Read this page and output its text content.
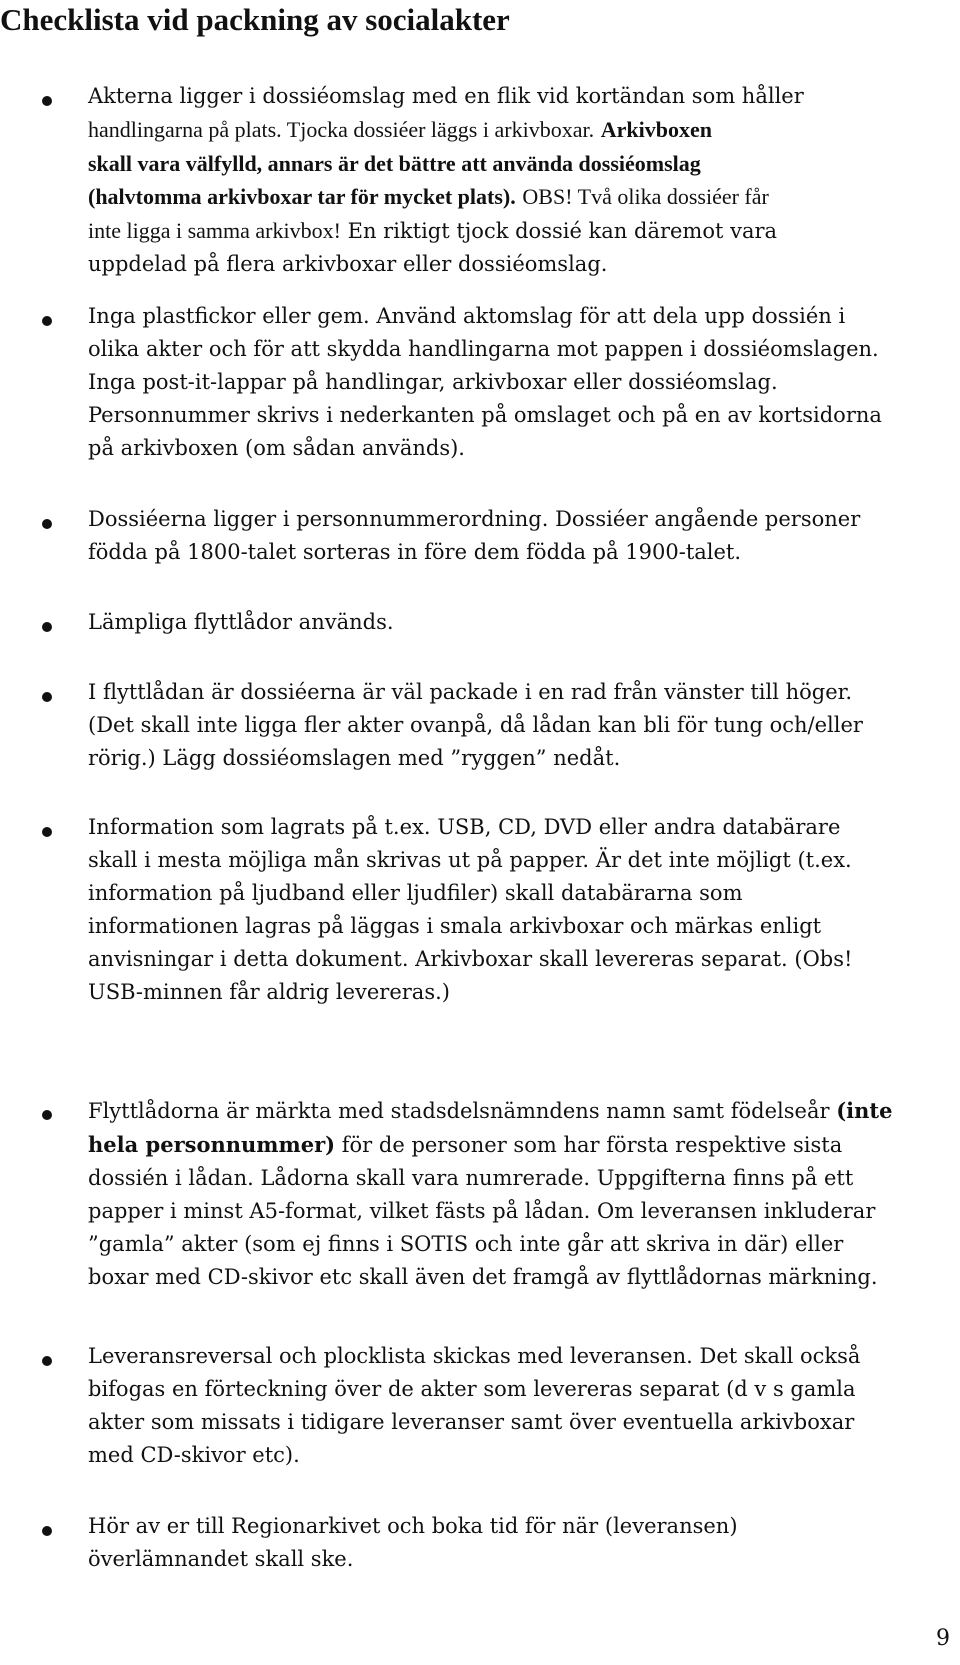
Checklista vid packning av socialakter
Akterna ligger i dossiéomslag med en flik vid kortändan som håller
handlingarna på plats. Tjocka dossiéer läggs i arkivboxar. Arkivboxen
skall vara välfylld, annars är det bättre att använda dossiéomslag
(halvtomma arkivboxar tar för mycket plats). OBS! Två olika dossiéer får
inte ligga i samma arkivbox! En riktigt tjock dossié kan däremot vara
uppdelad på flera arkivboxar eller dossiéomslag.
Inga plastfickor eller gem. Använd aktomslag för att dela upp dossién i
olika akter och för att skydda handlingarna mot pappen i dossiéomslagen.
Inga post-it-lappar på handlingar, arkivboxar eller dossiéomslag.
Personnummer skrivs i nederkanten på omslaget och på en av kortsidorna
på arkivboxen (om sådan används).
Dossiéerna ligger i personnummerordning. Dossiéer angående personer
födda på 1800-talet sorteras in före dem födda på 1900-talet.
Lämpliga flyttlådor används.
I flyttlådan är dossiéerna är väl packade i en rad från vänster till höger.
(Det skall inte ligga fler akter ovanpå, då lådan kan bli för tung och/eller
rörig.) Lägg dossiéomslagen med ”ryggen” nedåt.
Information som lagrats på t.ex. USB, CD, DVD eller andra databärare
skall i mesta möjliga mån skrivas ut på papper. Är det inte möjligt (t.ex.
information på ljudband eller ljudfiler) skall databärarna som
informationen lagras på läggas i smala arkivboxar och märkas enligt
anvisningar i detta dokument. Arkivboxar skall levereras separat. (Obs!
USB-minnen får aldrig levereras.)
Flyttlådorna är märkta med stadsdelsnämndens namn samt födelseår (inte
hela personnummer) för de personer som har första respektive sista
dossién i lådan. Lådorna skall vara numrerade. Uppgifterna finns på ett
papper i minst A5-format, vilket fästs på lådan. Om leveransen inkluderar
”gamla” akter (som ej finns i SOTIS och inte går att skriva in där) eller
boxar med CD-skivor etc skall även det framgå av flyttlådornas märkning.
Leveransreversal och plocklista skickas med leveransen. Det skall också
bifogas en förteckning över de akter som levereras separat (d v s gamla
akter som missats i tidigare leveranser samt över eventuella arkivboxar
med CD-skivor etc).
Hör av er till Regionarkivet och boka tid för när (leveransen)
överlämnandet skall ske.
9
